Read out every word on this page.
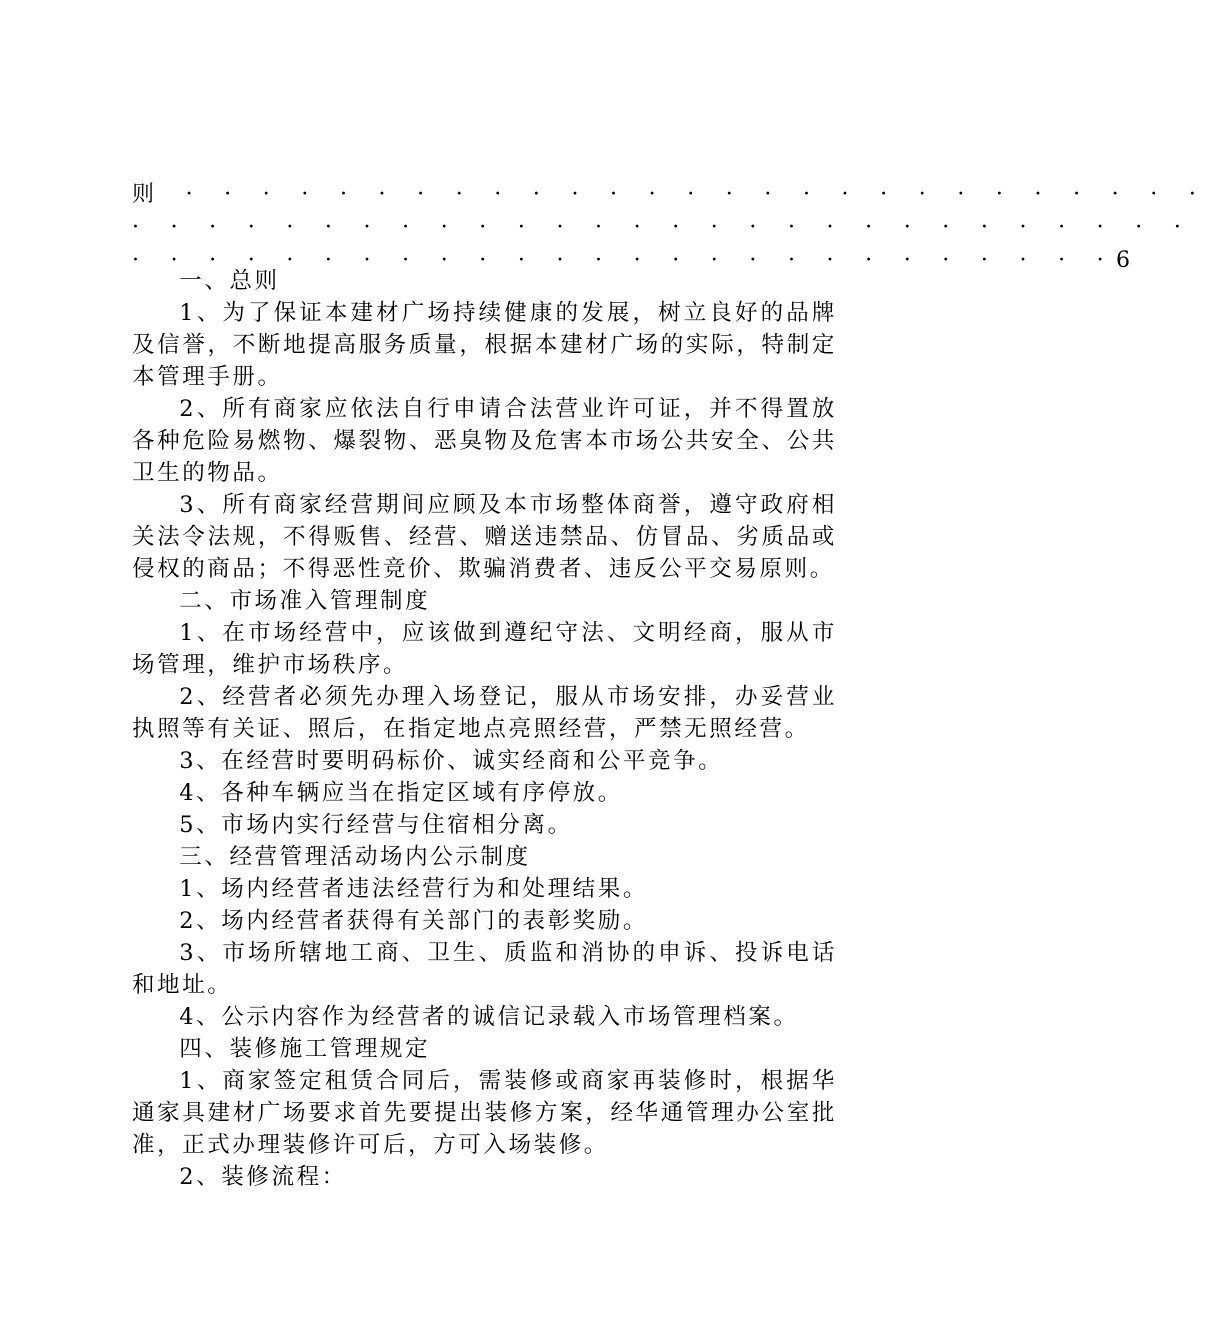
则 · · · · · · · · · · · · · · · · · · · · · · · · · · ·
· · · · · · · · · · · · · · · · · · · · · · · · · · · ·
· · · · · · · · · · · · · · · · · · · · · · · · · ·6

一、总则

1、为了保证本建材广场持续健康的发展，树立良好的品牌及信誉，不断地提高服务质量，根据本建材广场的实际，特制定本管理手册。

2、所有商家应依法自行申请合法营业许可证，并不得置放各种危险易燃物、爆裂物、恶臭物及危害本市场公共安全、公共卫生的物品。

3、所有商家经营期间应顾及本市场整体商誉，遵守政府相关法令法规，不得贩售、经营、赠送违禁品、仿冒品、劣质品或侵权的商品；不得恶性竞价、欺骗消费者、违反公平交易原则。

二、市场准入管理制度

1、在市场经营中，应该做到遵纪守法、文明经商，服从市场管理，维护市场秩序。

2、经营者必须先办理入场登记，服从市场安排，办妥营业执照等有关证、照后，在指定地点亮照经营，严禁无照经营。

3、在经营时要明码标价、诚实经商和公平竞争。

4、各种车辆应当在指定区域有序停放。

5、市场内实行经营与住宿相分离。

三、经营管理活动场内公示制度

1、场内经营者违法经营行为和处理结果。

2、场内经营者获得有关部门的表彰奖励。

3、市场所辖地工商、卫生、质监和消协的申诉、投诉电话和地址。

4、公示内容作为经营者的诚信记录载入市场管理档案。

四、装修施工管理规定

1、商家签定租赁合同后，需装修或商家再装修时，根据华通家具建材广场要求首先要提出装修方案，经华通管理办公室批准，正式办理装修许可后，方可入场装修。

2、装修流程：
